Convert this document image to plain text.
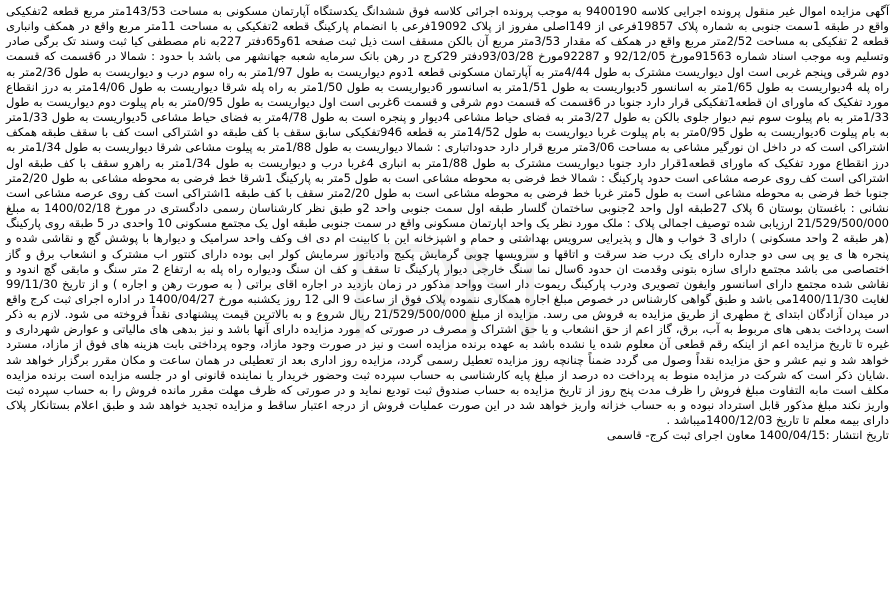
آگهی مزایده اموال غیر منقول پرونده اجرایی کلاسه 9400190 به موجب پرونده اجرائی کلاسه فوق ششدانگ یکدستگاه آپارتمان مسکونی به مساحت 143/53متر مربع قطعه 2تفکیکی واقع در طبقه 1سمت جنوبی به شماره پلاک 19857فرعی از 149اصلی مفروز از پلاک 19092فرعی با انضمام پارکینگ قطعه 2تفکیکی به مساحت 11متر مربع واقع در همکف وانباری قطعه 2 تفکیکی به مساحت 2/52متر مربع واقع در همکف که مقدار 3/53متر مربع آن بالکن مسقف است ذیل ثبت صفحه 61و65دفتر 227به نام مصطفی کیا ثبت وسند تک برگی صادر وتسلیم وبه موجب اسناد شماره 91563مورخ 92/12/05 و 92287مورخ 93/03/28دفتر 29کرج در رهن بانک سرمایه شعبه جهانشهر می باشد با حدود : شمالا در 6قسمت که قسمت دوم شرقی وپنجم غربی است اول دیواریست مشترک به طول 4/44متر به آپارتمان مسکونی قطعه 1دوم دیواریست به طول 1/97متر به راه سوم درب و دیواریست به طول 2/36متر به راه پله 4دیواریست به طول 1/65متر به اسانسور 5دیواریست به طول 1/51متر به اسانسور 6دیواریست به طول 1/50متر به راه پله شرقا دیواریست به طول 14/06متر به درز انقطاع مورد تفکیک که ماورای ان قطعه1تفکیکی قرار دارد جنوبا در 6قسمت که قسمت دوم شرقی و قسمت 6غربی است اول دیواریست به طول 0/95متر به بام پیلوت دوم دیواریست به طول 1/33متر به بام پیلوت سوم نیم دیوار جلوی بالکن به طول 3/27متر به فضای حیاط مشاعی 4دیوار و پنجره است به طول 4/78متر به فضای حیاط مشاعی 5دیواریست به طول 1/33متر به بام پیلوت 6دیواریست به طول 0/95متر به بام پیلوت غربا دیواریست به طول 14/52متر به قطعه 946تفکیکی سابق سقف با کف طبقه دو اشتراکی است کف با سقف طبقه همکف اشتراکی است که در داخل ان نورگیر مشاعی به مساحت 3/06متر مربع قرار دارد حدوداتباری : شمالا دیواریست به طول 1/88متر به پیلوت مشاعی شرقا دیواریست به طول 1/34متر به درز انقطاع مورد تفکیک که ماورای قطعه1قرار دارد جنوبا دیواریست مشترک به طول 1/88متر به انباری 4غربا درب و دیواریست به طول 1/34متر به راهرو سقف با کف طبقه اول اشتراکی است کف روی عرصه مشاعی است حدود پارکینگ : شمالا خط فرضی به محوطه مشاعی است به طول 5متر به پارکینگ 1شرقا خط فرضی به محوطه مشاعی به طول 2/20متر جنوبا خط فرضی به محوطه مشاعی است به طول 5متر غربا خط فرضی به محوطه مشاعی است به طول 2/20متر سقف با کف طبقه 1اشتراکی است کف روی عرصه مشاعی است نشانی : باغستان بوستان 6 پلاک 27طبقه اول واحد 2جنوبی ساختمان گلسار طبقه اول سمت جنوبی واحد 2و طبق نظر کارشناسان رسمی دادگستری در مورخ 1400/02/18 به مبلغ 21/529/500/000 ارزیابی شده توصیف اجمالی پلاک : ملک مورد نظر یک واحد اپارتمان مسکونی واقع در سمت جنوبی طبقه اول یک مجتمع مسکونی 10 واحدی در 5 طبقه روی پارکینگ (هر طبقه 2 واحد مسکونی ) دارای 3 خواب و هال و پذیرایی سرویس بهداشتی و حمام و اشپزخانه این با کابینت ام دی اف وکف واحد سرامیک و دیوارها با پوشش گچ و نقاشی شده و پنجره ها ی یو پی سی دو جداره دارای یک درب ضد سرقت و اتاقها و سرویسها چوبی گرمایش پکیج وادیاتور سرمایش کولر ابی بوده دارای کنتور اب مشترک و انشعاب برق و گاز اختصاصی می باشد مجتمع دارای سازه بتونی وقدمت ان حدود 6سال نما سنگ خارجی دیوار پارکینگ تا سقف و کف ان سنگ ودیواره راه پله به ارتفاع 2 متر سنگ و مابقی گچ اندود و نقاشی شده مجتمع دارای اسانسور وایفون تصویری ودرب پارکینگ ریموت دار است وواحد مذکور در زمان بازدید در اجاره اقای براتی ( به صورت رهن و اجاره ) و از تاریخ 99/11/30 لغایت 1400/11/30می باشد و طبق گواهی کارشناس در خصوص مبلغ اجاره همکاری ننموده پلاک فوق از ساعت 9 الی 12 روز یکشنبه مورخ 1400/04/27 در اداره اجرای ثبت کرج واقع در میدان آزادگان ابتدای خ مطهری از طریق مزایده به فروش می رسد. مزایده از مبلغ 21/529/500/000 ریال شروع و به بالاترین قیمت پیشنهادی نقداً فروخته می شود. لازم به ذکر است پرداخت بدهی های مربوط به آب، برق، گاز اعم از حق انشعاب و یا حق اشتراک و مصرف در صورتی که مورد مزایده دارای آنها باشد و نیز بدهی های مالیاتی و عوارض شهرداری و غیره تا تاریخ مزایده اعم از اینکه رقم قطعی آن معلوم شده یا نشده باشد به عهده برنده مزایده است و نیز در صورت وجود مازاد، وجوه پرداختی بابت هزینه های فوق از مازاد، مسترد خواهد شد و نیم عشر و حق مزایده نقداً وصول می گردد ضمناً چنانچه روز مزایده تعطیل رسمی گردد، مزایده روز اداری بعد از تعطیلی در همان ساعت و مکان مقرر برگزار خواهد شد .شایان ذکر است که شرکت در مزایده منوط به پرداخت ده درصد از مبلغ پایه کارشناسی به حساب سپرده ثبت وحضور خریدار یا نماینده قانونی او در جلسه مزایده است برنده مزایده مکلف است مابه التفاوت مبلغ فروش را ظرف مدت پنج روز از تاریخ مزایده به حساب صندوق ثبت تودیع نماید و در صورتی که ظرف مهلت مقرر مانده فروش را به حساب سپرده ثبت واریز نکند مبلغ مذکور قابل استرداد نبوده و به حساب خزانه واریز خواهد شد در این صورت عملیات فروش از درجه اعتبار ساقط و مزایده تجدید خواهد شد و طبق اعلام بستانکار پلاک دارای بیمه معلم تا تاریخ 1400/12/03میباشد .

تاریخ انتشار :1400/04/15 معاون اجرای ثبت کرج- قاسمی
